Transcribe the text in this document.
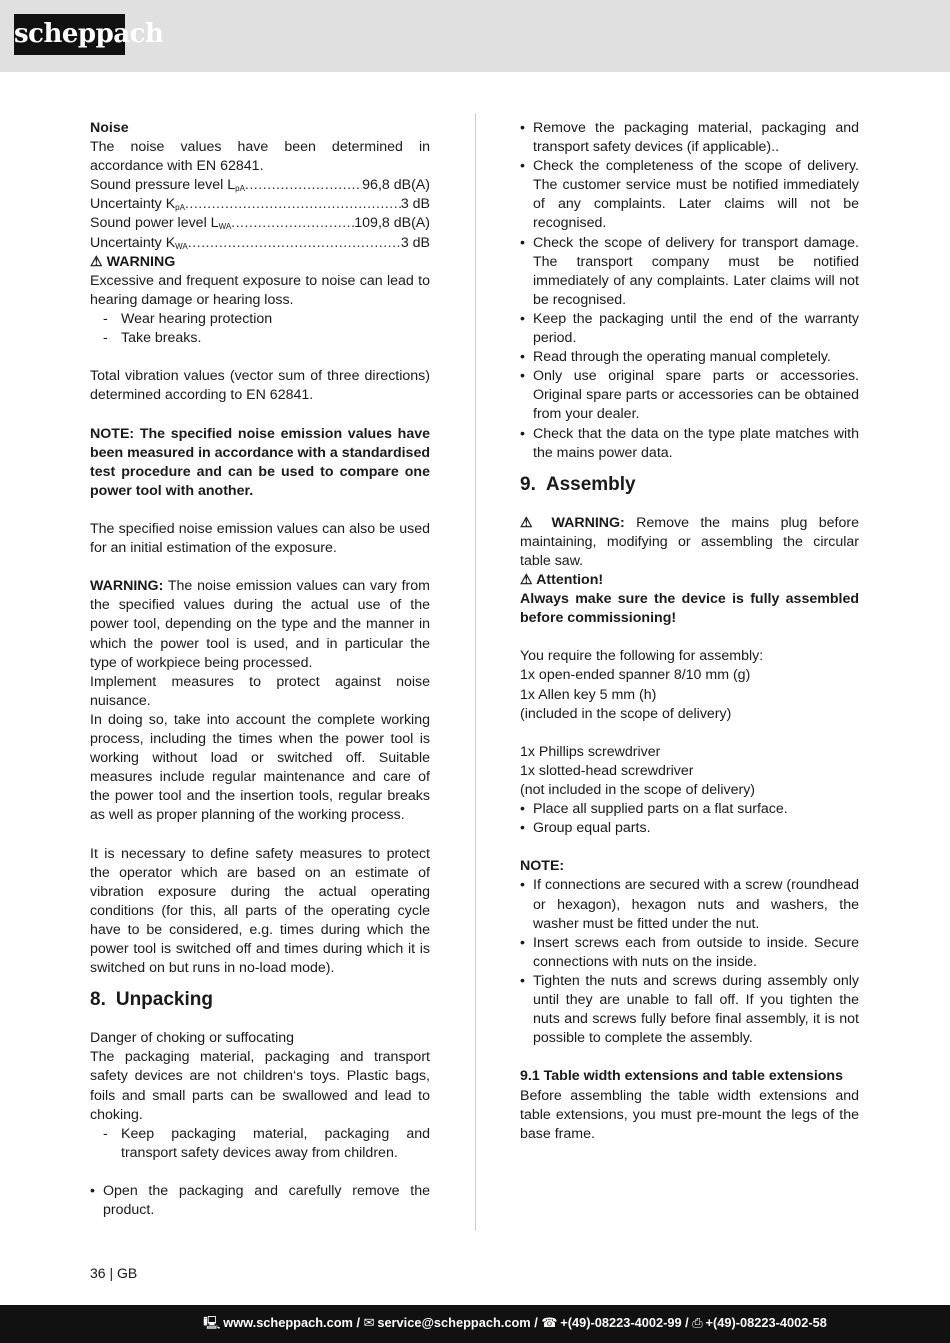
scheppach

Noise

The noise values have been determined in accordance with EN 62841.

Sound pressure level $L_{pA}$ .....	96,8 dB(A)
Uncertainty $K_{pA}$ .....	3 dB
Sound power level $L_{WA}$ .....	109,8 dB(A)
Uncertainty $K_{WA}$ .....	3 dB

⚠ WARNING

Excessive and frequent exposure to noise can lead to hearing damage or hearing loss.

- Wear hearing protection

- Take breaks.

Total vibration values (vector sum of three directions) determined according to EN 62841.

NOTE: The specified noise emission values have been measured in accordance with a standardised test procedure and can be used to compare one power tool with another.

The specified noise emission values can also be used for an initial estimation of the exposure.

WARNING: The noise emission values can vary from the specified values during the actual use of the power tool, depending on the type and the manner in which the power tool is used, and in particular the type of workpiece being processed.

Implement measures to protect against noise nuisance.

In doing so, take into account the complete working process, including the times when the power tool is working without load or switched off. Suitable measures include regular maintenance and care of the power tool and the insertion tools, regular breaks as well as proper planning of the working process.

It is necessary to define safety measures to protect the operator which are based on an estimate of vibration exposure during the actual operating conditions (for this, all parts of the operating cycle have to be considered, e.g. times during which the power tool is switched off and times during which it is switched on but runs in no-load mode).

8. Unpacking

Danger of choking or suffocating

The packaging material, packaging and transport safety devices are not children‘s toys. Plastic bags, foils and small parts can be swallowed and lead to choking.

- Keep packaging material, packaging and transport safety devices away from children.

• Open the packaging and carefully remove the product.

• Remove the packaging material, packaging and transport safety devices (if applicable)..

• Check the completeness of the scope of delivery. The customer service must be notified immediately of any complaints. Later claims will not be recognised.

• Check the scope of delivery for transport damage. The transport company must be notified immediately of any complaints. Later claims will not be recognised.

• Keep the packaging until the end of the warranty period.

• Read through the operating manual completely.

• Only use original spare parts or accessories. Original spare parts or accessories can be obtained from your dealer.

• Check that the data on the type plate matches with the mains power data.

9. Assembly

⚠ WARNING: Remove the mains plug before maintaining, modifying or assembling the circular table saw.

⚠ Attention!

Always make sure the device is fully assembled before commissioning!

You require the following for assembly:

1x open-ended spanner 8/10 mm (g)

1x Allen key 5 mm (h)

(included in the scope of delivery)

1x Phillips screwdriver

1x slotted-head screwdriver

(not included in the scope of delivery)

• Place all supplied parts on a flat surface.

• Group equal parts.

NOTE:

• If connections are secured with a screw (roundhead or hexagon), hexagon nuts and washers, the washer must be fitted under the nut.

• Insert screws each from outside to inside. Secure connections with nuts on the inside.

• Tighten the nuts and screws during assembly only until they are unable to fall off. If you tighten the nuts and screws fully before final assembly, it is not possible to complete the assembly.

9.1 Table width extensions and table extensions

Before assembling the table width extensions and table extensions, you must pre-mount the legs of the base frame.

36 | GB
🖳 www.scheppach.com / ✉ service@scheppach.com / ☎ +(49)-08223-4002-99 / ⎙ +(49)-08223-4002-58
